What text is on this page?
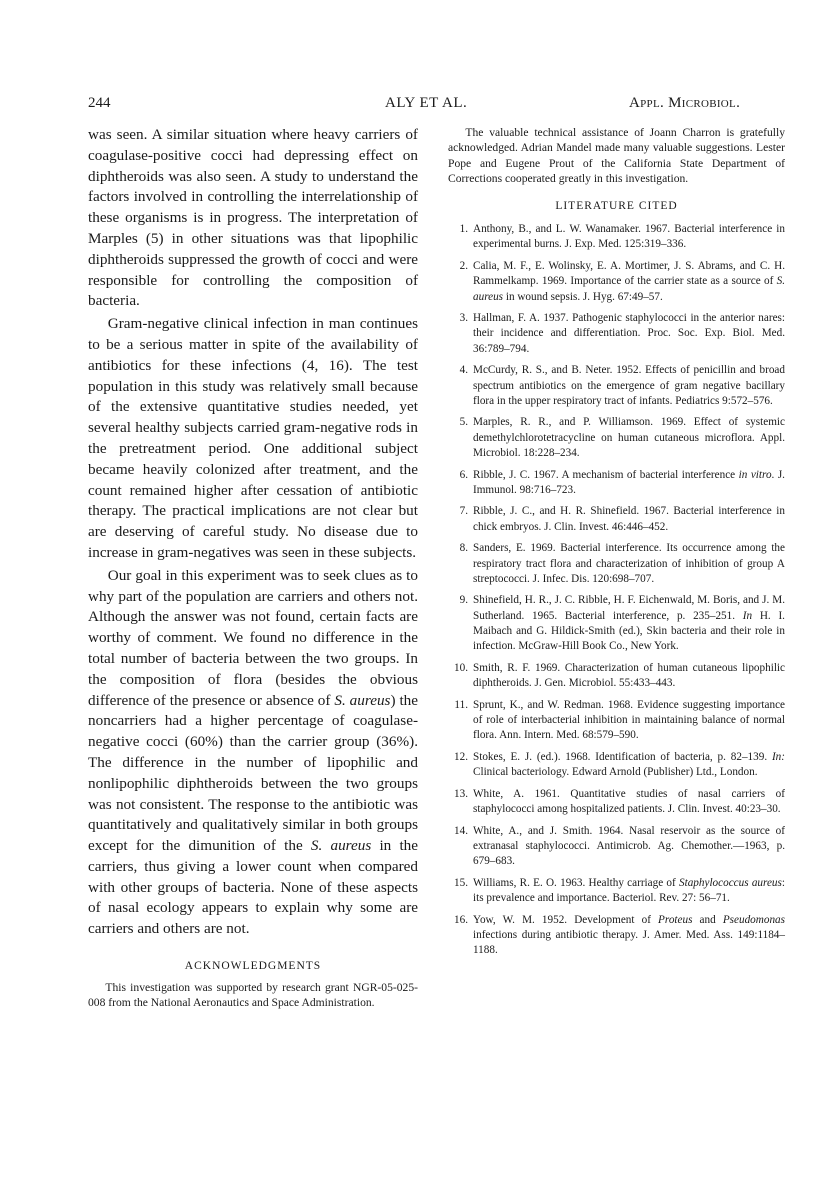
244	ALY ET AL.	Appl. Microbiol.

was seen. A similar situation where heavy carriers of coagulase-positive cocci had depressing effect on diphtheroids was also seen. A study to understand the factors involved in controlling the interrelationship of these organisms is in progress. The interpretation of Marples (5) in other situations was that lipophilic diphtheroids suppressed the growth of cocci and were responsible for controlling the composition of bacteria.

Gram-negative clinical infection in man continues to be a serious matter in spite of the availability of antibiotics for these infections (4, 16). The test population in this study was relatively small because of the extensive quantitative studies needed, yet several healthy subjects carried gram-negative rods in the pretreatment period. One additional subject became heavily colonized after treatment, and the count remained higher after cessation of antibiotic therapy. The practical implications are not clear but are deserving of careful study. No disease due to increase in gram-negatives was seen in these subjects.

Our goal in this experiment was to seek clues as to why part of the population are carriers and others not. Although the answer was not found, certain facts are worthy of comment. We found no difference in the total number of bacteria between the two groups. In the composition of flora (besides the obvious difference of the presence or absence of S. aureus) the noncarriers had a higher percentage of coagulase-negative cocci (60%) than the carrier group (36%). The difference in the number of lipophilic and nonlipophilic diphtheroids between the two groups was not consistent. The response to the antibiotic was quantitatively and qualitatively similar in both groups except for the dimunition of the S. aureus in the carriers, thus giving a lower count when compared with other groups of bacteria. None of these aspects of nasal ecology appears to explain why some are carriers and others are not.

ACKNOWLEDGMENTS

This investigation was supported by research grant NGR-05-025-008 from the National Aeronautics and Space Administration.

The valuable technical assistance of Joann Charron is gratefully acknowledged. Adrian Mandel made many valuable suggestions. Lester Pope and Eugene Prout of the California State Department of Corrections cooperated greatly in this investigation.

LITERATURE CITED
1. Anthony, B., and L. W. Wanamaker. 1967. Bacterial interference in experimental burns. J. Exp. Med. 125:319–336.
2. Calia, M. F., E. Wolinsky, E. A. Mortimer, J. S. Abrams, and C. H. Rammelkamp. 1969. Importance of the carrier state as a source of S. aureus in wound sepsis. J. Hyg. 67:49–57.
3. Hallman, F. A. 1937. Pathogenic staphylococci in the anterior nares: their incidence and differentiation. Proc. Soc. Exp. Biol. Med. 36:789–794.
4. McCurdy, R. S., and B. Neter. 1952. Effects of penicillin and broad spectrum antibiotics on the emergence of gram negative bacillary flora in the upper respiratory tract of infants. Pediatrics 9:572–576.
5. Marples, R. R., and P. Williamson. 1969. Effect of systemic demethylchlorotetracycline on human cutaneous microflora. Appl. Microbiol. 18:228–234.
6. Ribble, J. C. 1967. A mechanism of bacterial interference in vitro. J. Immunol. 98:716–723.
7. Ribble, J. C., and H. R. Shinefield. 1967. Bacterial interference in chick embryos. J. Clin. Invest. 46:446–452.
8. Sanders, E. 1969. Bacterial interference. Its occurrence among the respiratory tract flora and characterization of inhibition of group A streptococci. J. Infec. Dis. 120:698–707.
9. Shinefield, H. R., J. C. Ribble, H. F. Eichenwald, M. Boris, and J. M. Sutherland. 1965. Bacterial interference, p. 235–251. In H. I. Maibach and G. Hildick-Smith (ed.), Skin bacteria and their role in infection. McGraw-Hill Book Co., New York.
10. Smith, R. F. 1969. Characterization of human cutaneous lipophilic diphtheroids. J. Gen. Microbiol. 55:433–443.
11. Sprunt, K., and W. Redman. 1968. Evidence suggesting importance of role of interbacterial inhibition in maintaining balance of normal flora. Ann. Intern. Med. 68:579–590.
12. Stokes, E. J. (ed.). 1968. Identification of bacteria, p. 82–139. In: Clinical bacteriology. Edward Arnold (Publisher) Ltd., London.
13. White, A. 1961. Quantitative studies of nasal carriers of staphylococci among hospitalized patients. J. Clin. Invest. 40:23–30.
14. White, A., and J. Smith. 1964. Nasal reservoir as the source of extranasal staphylococci. Antimicrob. Ag. Chemother.—1963, p. 679–683.
15. Williams, R. E. O. 1963. Healthy carriage of Staphylococcus aureus: its prevalence and importance. Bacteriol. Rev. 27: 56–71.
16. Yow, W. M. 1952. Development of Proteus and Pseudomonas infections during antibiotic therapy. J. Amer. Med. Ass. 149:1184–1188.
